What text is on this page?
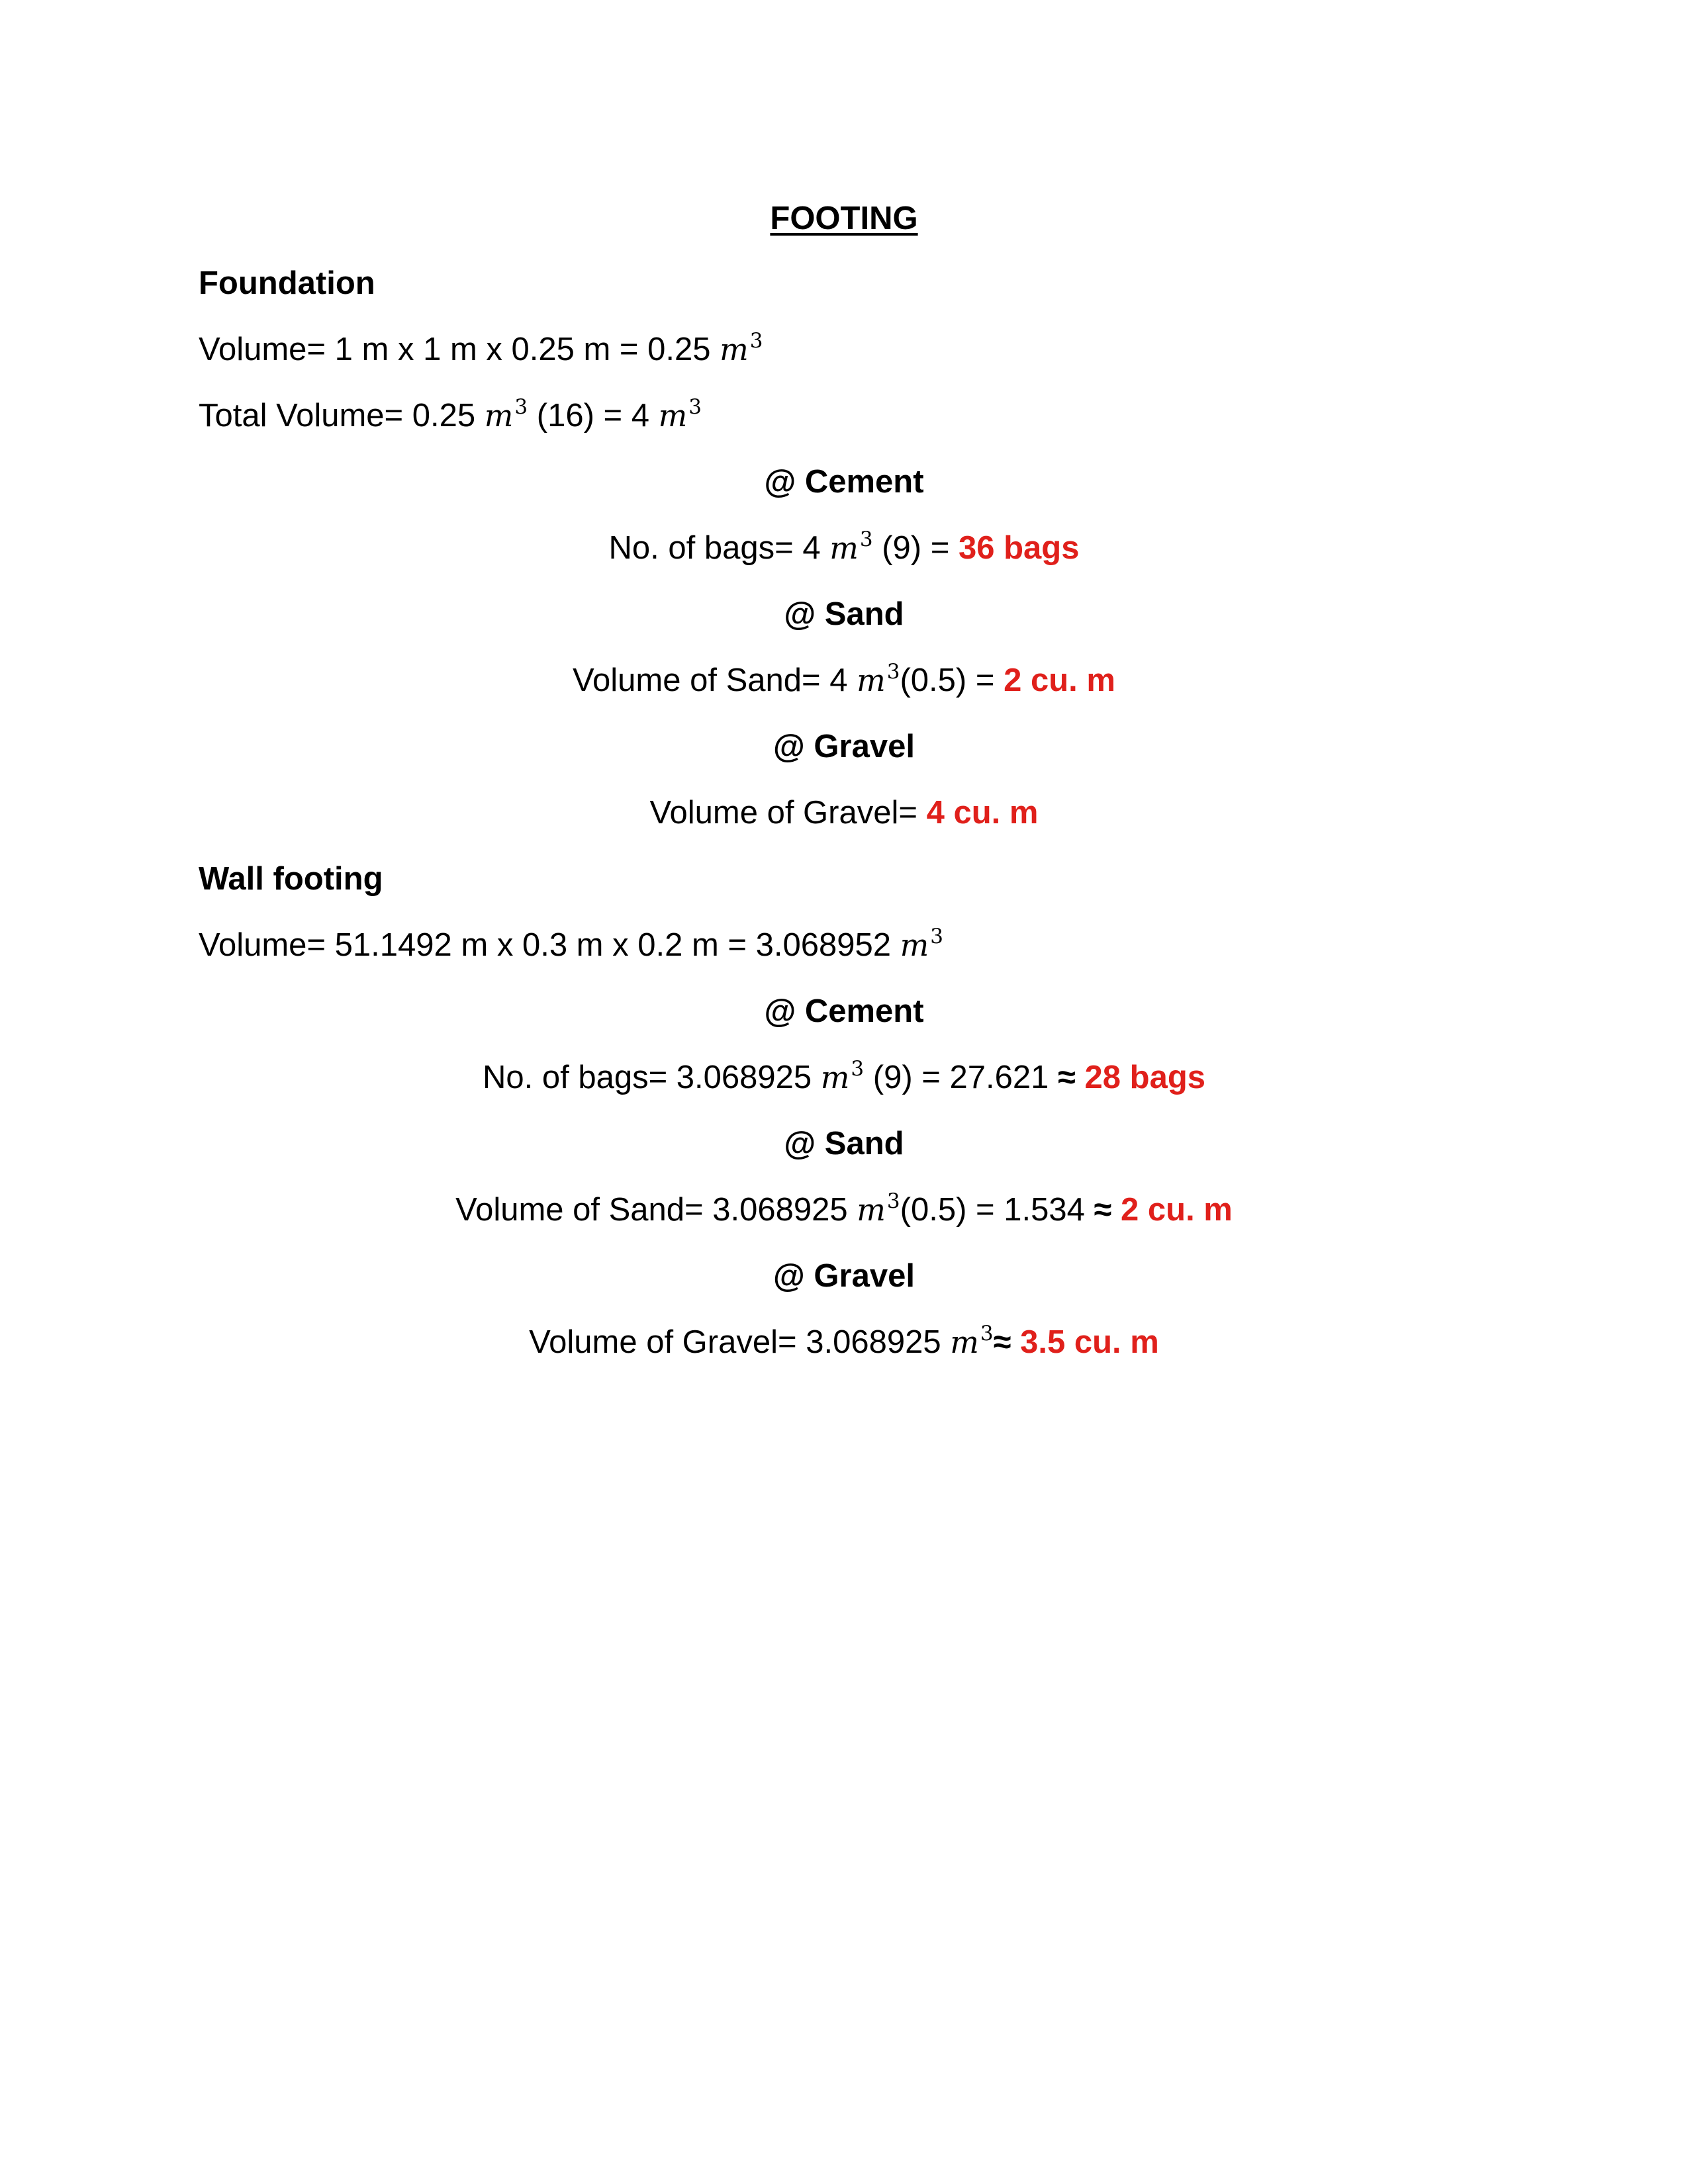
FOOTING
Foundation
Volume= 1 m x 1 m x 0.25 m = 0.25 $m^3$
Total Volume= 0.25 $m^3$ (16) = 4 $m^3$
@ Cement
No. of bags= 4 $m^3$ (9) = 36 bags
@ Sand
Volume of Sand= 4 $m^3(0.5) = 2$ cu. m
@ Gravel
Volume of Gravel= 4 cu. m
Wall footing
Volume= 51.1492 m x 0.3 m x 0.2 m = 3.068952 $m^3$
@ Cement
No. of bags= 3.068925 $m^3$ (9) = 27.621 ≈ 28 bags
@ Sand
Volume of Sand= 3.068925 $m^3(0.5) = 1.534 \approx 2$ cu. m
@ Gravel
Volume of Gravel= 3.068925 $m^3\approx 3.5$ cu. m
